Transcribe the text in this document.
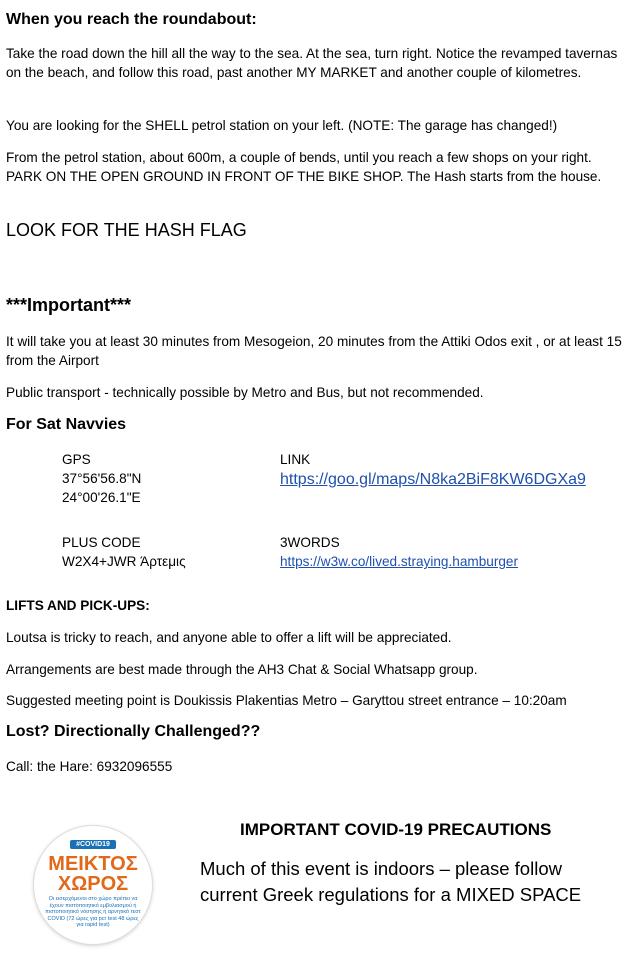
When you reach the roundabout:

Take the road down the hill all the way to the sea. At the sea, turn right. Notice the revamped tavernas on the beach, and follow this road, past another MY MARKET and another couple of kilometres.

You are looking for the SHELL petrol station on your left. (NOTE: The garage has changed!)

From the petrol station, about 600m, a couple of bends, until you reach a few shops on your right. PARK ON THE OPEN GROUND IN FRONT OF THE BIKE SHOP. The Hash starts from the house.

LOOK FOR THE HASH FLAG

***Important***

It will take you at least 30 minutes from Mesogeion, 20 minutes from the Attiki Odos exit , or at least 15 from the Airport

Public transport - technically possible by Metro and Bus, but not recommended.

For Sat Navvies

GPS
37°56'56.8"N
24°00'26.1"E
LINK
https://goo.gl/maps/N8ka2BiF8KW6DGXa9
PLUS CODE
W2X4+JWR Άρτεμις
3WORDS
https://w3w.co/lived.straying.hamburger

LIFTS AND PICK-UPS:

Loutsa is tricky to reach, and anyone able to offer a lift will be appreciated.

Arrangements are best made through the AH3 Chat & Social Whatsapp group.

Suggested meeting point is Doukissis Plakentias Metro – Garyttou street entrance – 10:20am

Lost? Directionally Challenged??

Call: the Hare: 6932096555

#COVID19
ΜΕΙΚΤΟΣ
ΧΩΡΟΣ
Οι εισερχόμενοι στο χώρο πρέπει να έχουν πιστοποιητικό εμβολιασμού ή πιστοποιητικό νόσησης ή αρνητικό τεστ COVID (72 ώρες για pcr test 48 ώρες για rapid test)
IMPORTANT COVID-19 PRECAUTIONS
Much of this event is indoors – please follow
current Greek regulations for a MIXED SPACE
